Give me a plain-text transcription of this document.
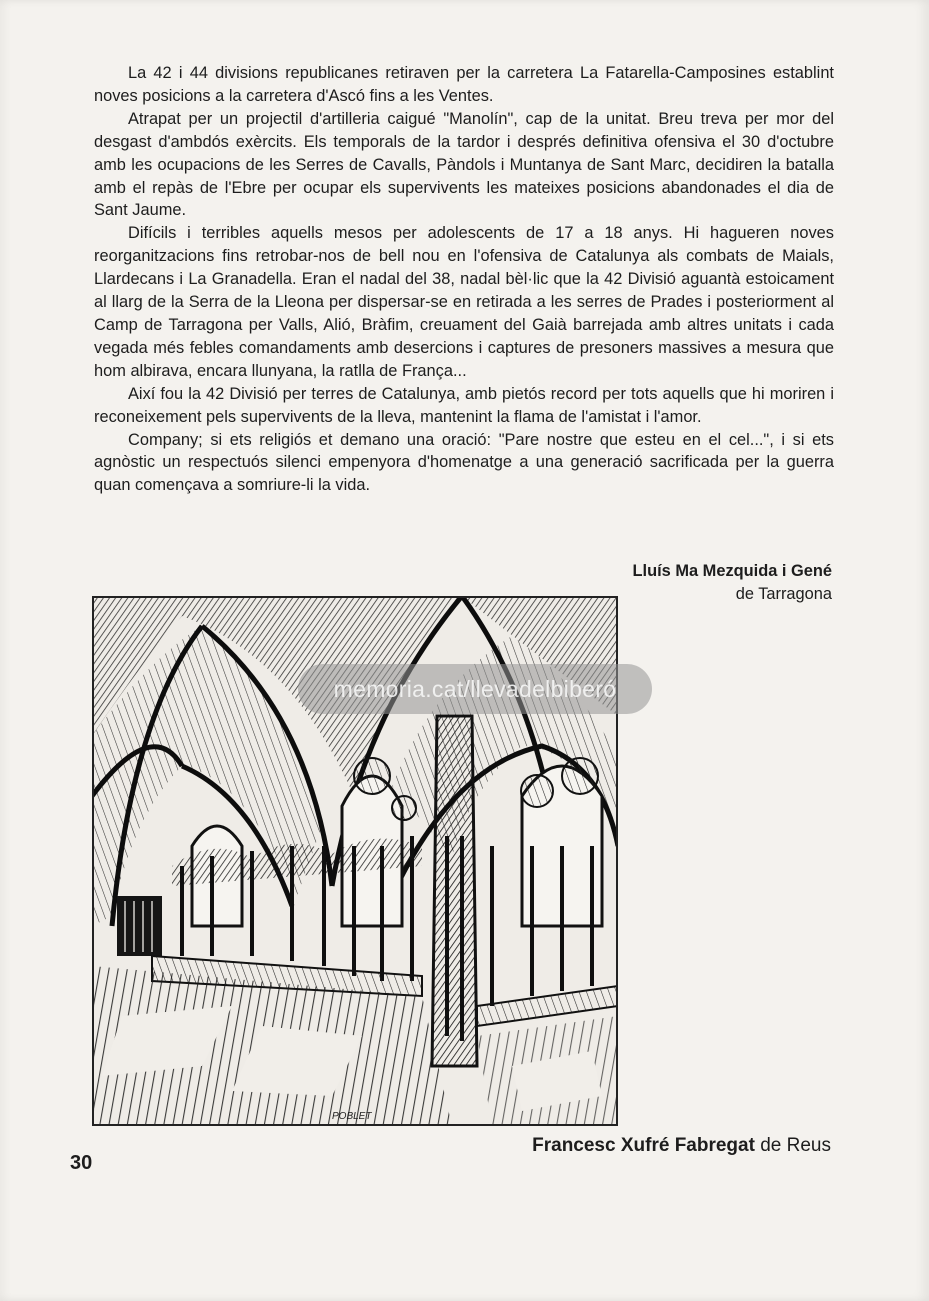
La 42 i 44 divisions republicanes retiraven per la carretera La Fatarella-Camposines establint noves posicions a la carretera d'Ascó fins a les Ventes.

Atrapat per un projectil d'artilleria caigué "Manolín", cap de la unitat. Breu treva per mor del desgast d'ambdós exèrcits. Els temporals de la tardor i després definitiva ofensiva el 30 d'octubre amb les ocupacions de les Serres de Cavalls, Pàndols i Muntanya de Sant Marc, decidiren la batalla amb el repàs de l'Ebre per ocupar els supervivents les mateixes posicions abandonades el dia de Sant Jaume.

Difícils i terribles aquells mesos per adolescents de 17 a 18 anys. Hi hagueren noves reorganitzacions fins retrobar-nos de bell nou en l'ofensiva de Catalunya als combats de Maials, Llardecans i La Granadella. Eran el nadal del 38, nadal bèl·lic que la 42 Divisió aguantà estoicament al llarg de la Serra de la Lleona per dispersar-se en retirada a les serres de Prades i posteriorment al Camp de Tarragona per Valls, Alió, Bràfim, creuament del Gaià barrejada amb altres unitats i cada vegada més febles comandaments amb desercions i captures de presoners massives a mesura que hom albirava, encara llunyana, la ratlla de França...

Així fou la 42 Divisió per terres de Catalunya, amb pietós record per tots aquells que hi moriren i reconeixement pels supervivents de la lleva, mantenint la flama de l'amistat i l'amor.

Company; si ets religiós et demano una oració: "Pare nostre que esteu en el cel...", i si ets agnòstic un respectuós silenci empenyora d'homenatge a una generació sacrificada per la guerra quan començava a somriure-li la vida.

Lluís Ma Mezquida i Gené
de Tarragona
POBLET
memoria.cat/llevadelbiberó
Francesc Xufré Fabregat de Reus
30
